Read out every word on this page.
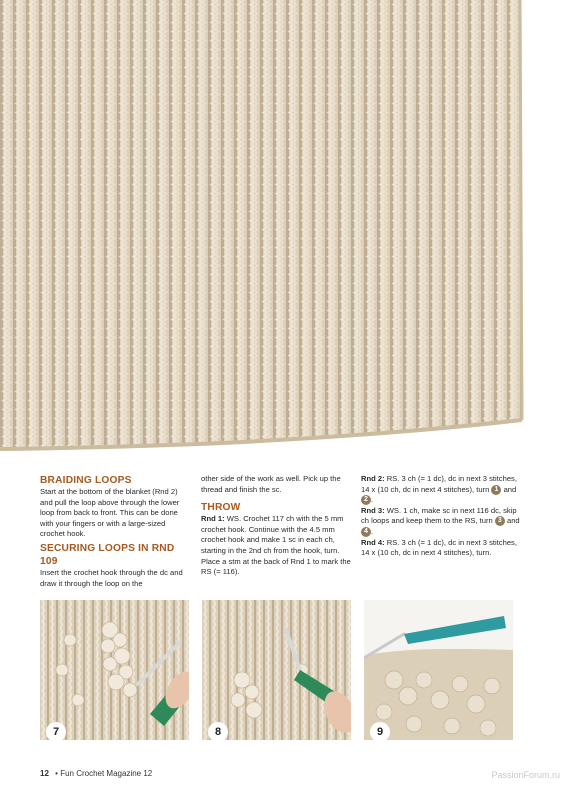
BRAIDING LOOPS

Start at the bottom of the blanket (Rnd 2) and pull the loop above through the lower loop from back to front. This can be done with your fingers or with a large-sized crochet hook.

SECURING LOOPS IN RND 109

Insert the crochet hook through the dc and draw it through the loop on the

other side of the work as well. Pick up the thread and finish the sc.

THROW

Rnd 1: WS. Crochet 117 ch with the 5 mm crochet hook. Continue with the 4.5 mm crochet hook and make 1 sc in each ch, starting in the 2nd ch from the hook, turn. Place a stm at the back of Rnd 1 to mark the RS (= 116).

Rnd 2: RS. 3 ch (= 1 dc), dc in next 3 stitches, 14 x (10 ch, dc in next 4 stitches), turn 1 and 2 .

Rnd 3: WS. 1 ch, make sc in next 116 dc, skip ch loops and keep them to the RS, turn 3 and 4 .

Rnd 4: RS. 3 ch (= 1 dc), dc in next 3 stitches, 14 x (10 ch, dc in next 4 stitches), turn.

7	8	9
12 • Fun Crochet Magazine 12	PassionForum.ru
